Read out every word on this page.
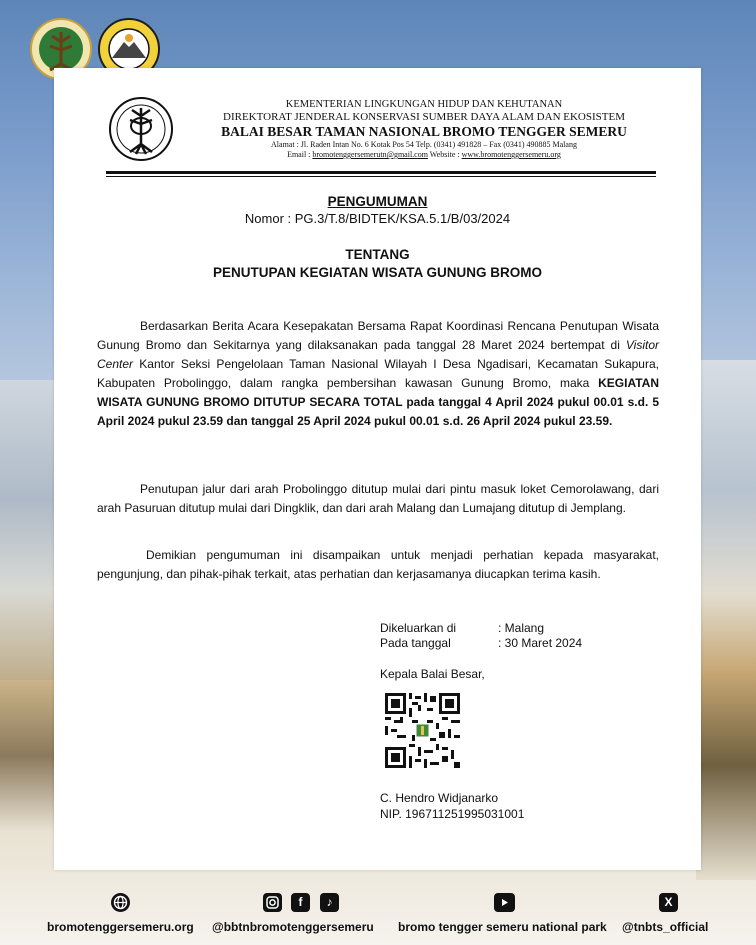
KEMENTERIAN LINGKUNGAN HIDUP DAN KEHUTANAN
DIREKTORAT JENDERAL KONSERVASI SUMBER DAYA ALAM DAN EKOSISTEM
BALAI BESAR TAMAN NASIONAL BROMO TENGGER SEMERU
Alamat : Jl. Raden Intan No. 6 Kotak Pos 54 Telp. (0341) 491828 – Fax (0341) 490885 Malang
Email : bromotenggersemerutn@gmail.com Website : www.bromotenggersemeru.org
PENGUMUMAN
Nomor : PG.3/T.8/BIDTEK/KSA.5.1/B/03/2024
TENTANG
PENUTUPAN KEGIATAN WISATA GUNUNG BROMO
Berdasarkan Berita Acara Kesepakatan Bersama Rapat Koordinasi Rencana Penutupan Wisata Gunung Bromo dan Sekitarnya yang dilaksanakan pada tanggal 28 Maret 2024 bertempat di Visitor Center Kantor Seksi Pengelolaan Taman Nasional Wilayah I Desa Ngadisari, Kecamatan Sukapura, Kabupaten Probolinggo, dalam rangka pembersihan kawasan Gunung Bromo, maka KEGIATAN WISATA GUNUNG BROMO DITUTUP SECARA TOTAL pada tanggal 4 April 2024 pukul 00.01 s.d. 5 April 2024 pukul 23.59 dan tanggal 25 April 2024 pukul 00.01 s.d. 26 April 2024 pukul 23.59.
Penutupan jalur dari arah Probolinggo ditutup mulai dari pintu masuk loket Cemorolawang, dari arah Pasuruan ditutup mulai dari Dingklik, dan dari arah Malang dan Lumajang ditutup di Jemplang.
Demikian pengumuman ini disampaikan untuk menjadi perhatian kepada masyarakat, pengunjung, dan pihak-pihak terkait, atas perhatian dan kerjasamanya diucapkan terima kasih.
Dikeluarkan di	: Malang
Pada tanggal	: 30 Maret 2024
Kepala Balai Besar,
C. Hendro Widjanarko
NIP. 196711251995031001
f	♪	X
bromotenggersemeru.org @bbtnbromotenggersemeru bromo tengger semeru national park @tnbts_official
